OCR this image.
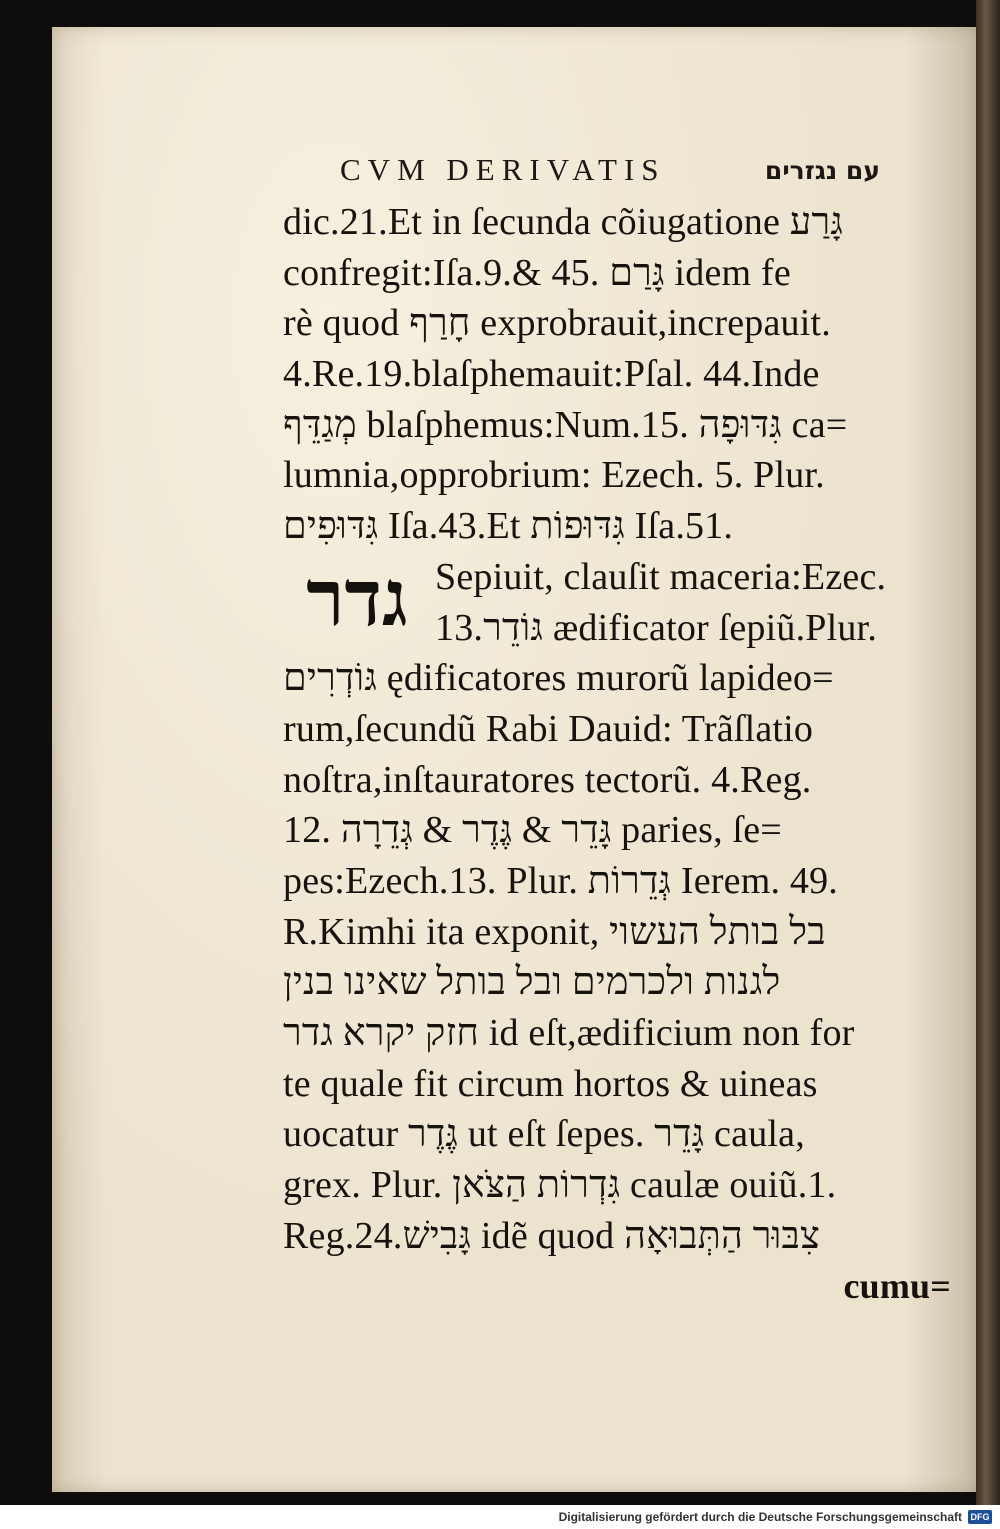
CVM DERIVATIS	עם נגזרים
גדר
dic.21.Et in ſecunda cõiugatione גָּרַע
confregit:Iſa.9.& 45. גָּרַם idem fe
rè quod חָרַף exprobrauit,increpauit.
4.Re.19.blaſphemauit:Pſal. 44.Inde
מְגַדֵּף blaſphemus:Num.15. גִּדּוּפָה ca=
lumnia,opprobrium: Ezech. 5. Plur.
גִּדּוּפִים Iſa.43.Et גִּדּוּפוֹת Iſa.51.
Sepiuit, clauſit maceria:Ezec.
13.גּוֹדֵר ædificator ſepiũ.Plur.
גּוֹדְרִים ędificatores murorũ lapideo=
rum,ſecundũ Rabi Dauid: Trãſlatio
noſtra,inſtauratores tectorũ. 4.Reg.
12. גָּדֵר & גֶּדֶר & גְּדֵרָה paries, ſe=
pes:Ezech.13. Plur. גְּדֵרוֹת Ierem. 49.
R.Kimhi ita exponit, בל בותל העשוי
לגנות ולכרמים ובל בותל שאינו בנין
חזק יקרא גדר id eſt,ædificium non for
te quale fit circum hortos & uineas
uocatur גֶּדֶר ut eſt ſepes. גָּדֵר caula,
grex. Plur. גִּדְרוֹת הַצֹּאן caulæ ouiũ.1.
Reg.24.גָּבִישׁ idẽ quod צִבּוּר הַתְּבוּאָה
cumu=
Digitalisierung gefördert durch die Deutsche Forschungsgemeinschaft DFG
